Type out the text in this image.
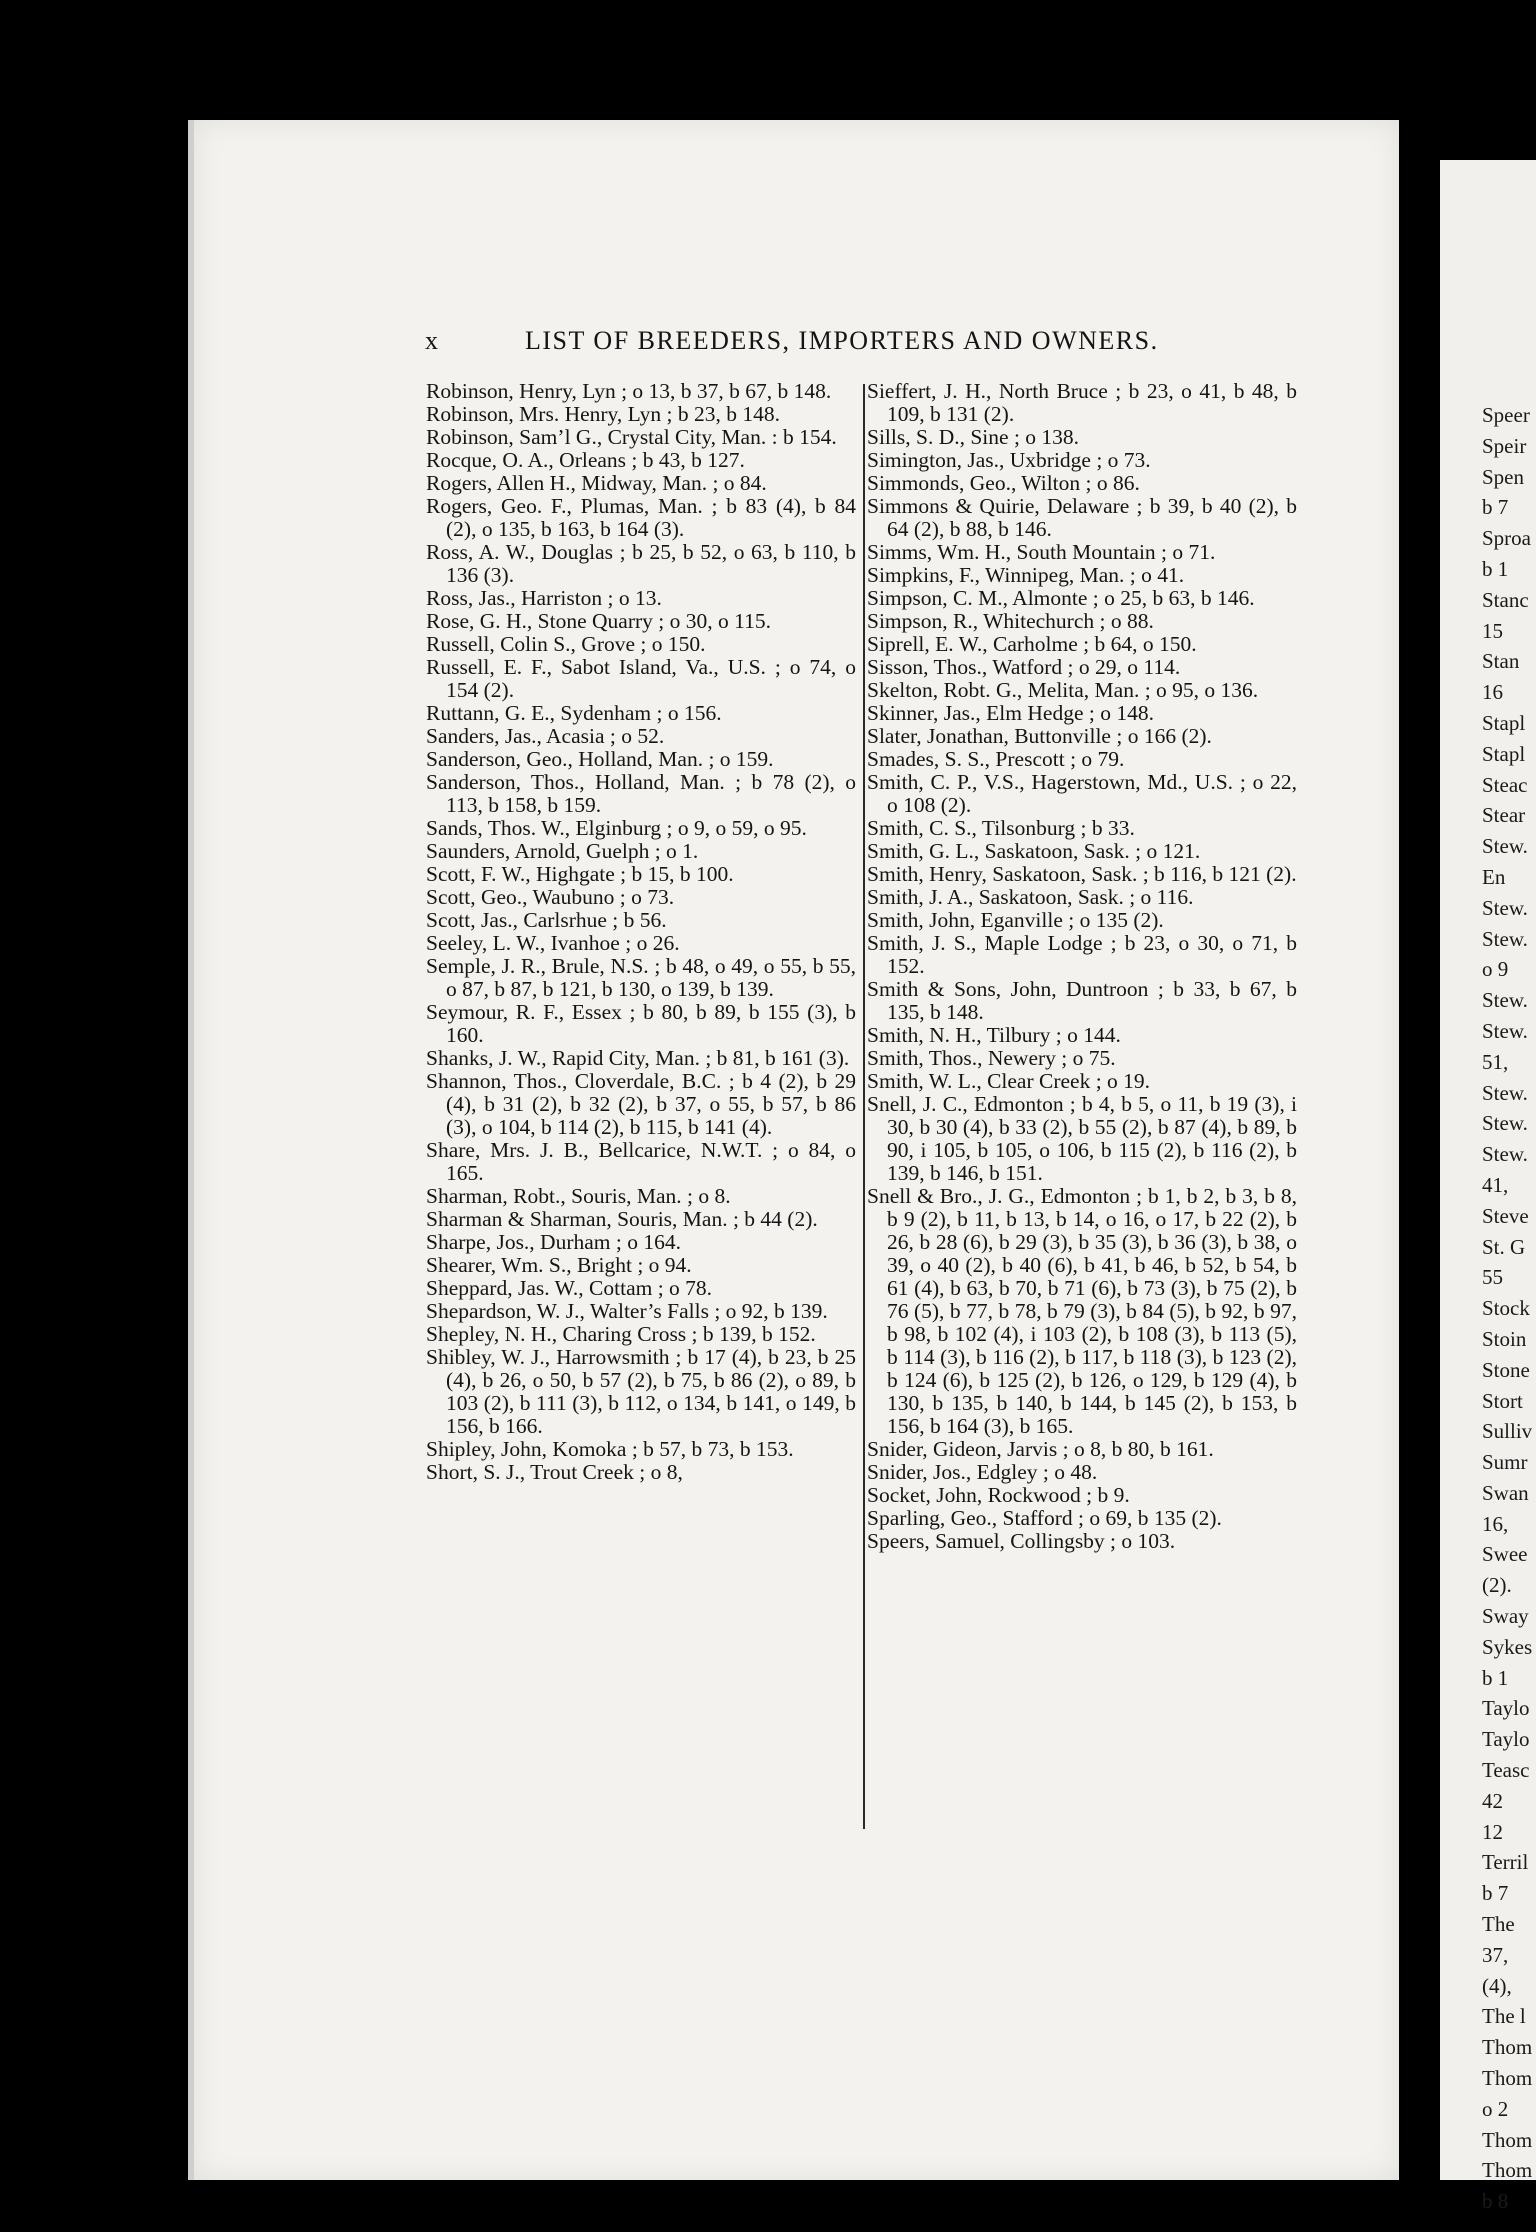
Speer
Speir
Spen
b 7
Sproa
b 1
Stanc
15
Stan
16
Stapl
Stapl
Steac
Stear
Stew.
En
Stew.
Stew.
o 9
Stew.
Stew.
51,
Stew.
Stew.
Stew.
41,
Steve
St. G
55
Stock
Stoin
Stone
Stort
Sulliv
Sumr
Swan
16,
Swee
(2).
Sway
Sykes
b 1
Taylo
Taylo
Teasc
42
12
Terril
b 7
The
37,
(4),
The l
Thom
Thom
o 2
Thom
Thom
b 8
x	LIST OF BREEDERS, IMPORTERS AND OWNERS.

Robinson, Henry, Lyn ; o 13, b 37, b 67, b 148.

Robinson, Mrs. Henry, Lyn ; b 23, b 148.

Robinson, Sam’l G., Crystal City, Man. : b 154.

Rocque, O. A., Orleans ; b 43, b 127.

Rogers, Allen H., Midway, Man. ; o 84.

Rogers, Geo. F., Plumas, Man. ; b 83 (4), b 84 (2), o 135, b 163, b 164 (3).

Ross, A. W., Douglas ; b 25, b 52, o 63, b 110, b 136 (3).

Ross, Jas., Harriston ; o 13.

Rose, G. H., Stone Quarry ; o 30, o 115.

Russell, Colin S., Grove ; o 150.

Russell, E. F., Sabot Island, Va., U.S. ; o 74, o 154 (2).

Ruttann, G. E., Sydenham ; o 156.

Sanders, Jas., Acasia ; o 52.

Sanderson, Geo., Holland, Man. ; o 159.

Sanderson, Thos., Holland, Man. ; b 78 (2), o 113, b 158, b 159.

Sands, Thos. W., Elginburg ; o 9, o 59, o 95.

Saunders, Arnold, Guelph ; o 1.

Scott, F. W., Highgate ; b 15, b 100.

Scott, Geo., Waubuno ; o 73.

Scott, Jas., Carlsrhue ; b 56.

Seeley, L. W., Ivanhoe ; o 26.

Semple, J. R., Brule, N.S. ; b 48, o 49, o 55, b 55, o 87, b 87, b 121, b 130, o 139, b 139.

Seymour, R. F., Essex ; b 80, b 89, b 155 (3), b 160.

Shanks, J. W., Rapid City, Man. ; b 81, b 161 (3).

Shannon, Thos., Cloverdale, B.C. ; b 4 (2), b 29 (4), b 31 (2), b 32 (2), b 37, o 55, b 57, b 86 (3), o 104, b 114 (2), b 115, b 141 (4).

Share, Mrs. J. B., Bellcarice, N.W.T. ; o 84, o 165.

Sharman, Robt., Souris, Man. ; o 8.

Sharman & Sharman, Souris, Man. ; b 44 (2).

Sharpe, Jos., Durham ; o 164.

Shearer, Wm. S., Bright ; o 94.

Sheppard, Jas. W., Cottam ; o 78.

Shepardson, W. J., Walter’s Falls ; o 92, b 139.

Shepley, N. H., Charing Cross ; b 139, b 152.

Shibley, W. J., Harrowsmith ; b 17 (4), b 23, b 25 (4), b 26, o 50, b 57 (2), b 75, b 86 (2), o 89, b 103 (2), b 111 (3), b 112, o 134, b 141, o 149, b 156, b 166.

Shipley, John, Komoka ; b 57, b 73, b 153.

Short, S. J., Trout Creek ; o 8,

Sieffert, J. H., North Bruce ; b 23, o 41, b 48, b 109, b 131 (2).

Sills, S. D., Sine ; o 138.

Simington, Jas., Uxbridge ; o 73.

Simmonds, Geo., Wilton ; o 86.

Simmons & Quirie, Delaware ; b 39, b 40 (2), b 64 (2), b 88, b 146.

Simms, Wm. H., South Mountain ; o 71.

Simpkins, F., Winnipeg, Man. ; o 41.

Simpson, C. M., Almonte ; o 25, b 63, b 146.

Simpson, R., Whitechurch ; o 88.

Siprell, E. W., Carholme ; b 64, o 150.

Sisson, Thos., Watford ; o 29, o 114.

Skelton, Robt. G., Melita, Man. ; o 95, o 136.

Skinner, Jas., Elm Hedge ; o 148.

Slater, Jonathan, Buttonville ; o 166 (2).

Smades, S. S., Prescott ; o 79.

Smith, C. P., V.S., Hagerstown, Md., U.S. ; o 22, o 108 (2).

Smith, C. S., Tilsonburg ; b 33.

Smith, G. L., Saskatoon, Sask. ; o 121.

Smith, Henry, Saskatoon, Sask. ; b 116, b 121 (2).

Smith, J. A., Saskatoon, Sask. ; o 116.

Smith, John, Eganville ; o 135 (2).

Smith, J. S., Maple Lodge ; b 23, o 30, o 71, b 152.

Smith & Sons, John, Duntroon ; b 33, b 67, b 135, b 148.

Smith, N. H., Tilbury ; o 144.

Smith, Thos., Newery ; o 75.

Smith, W. L., Clear Creek ; o 19.

Snell, J. C., Edmonton ; b 4, b 5, o 11, b 19 (3), i 30, b 30 (4), b 33 (2), b 55 (2), b 87 (4), b 89, b 90, i 105, b 105, o 106, b 115 (2), b 116 (2), b 139, b 146, b 151.

Snell & Bro., J. G., Edmonton ; b 1, b 2, b 3, b 8, b 9 (2), b 11, b 13, b 14, o 16, o 17, b 22 (2), b 26, b 28 (6), b 29 (3), b 35 (3), b 36 (3), b 38, o 39, o 40 (2), b 40 (6), b 41, b 46, b 52, b 54, b 61 (4), b 63, b 70, b 71 (6), b 73 (3), b 75 (2), b 76 (5), b 77, b 78, b 79 (3), b 84 (5), b 92, b 97, b 98, b 102 (4), i 103 (2), b 108 (3), b 113 (5), b 114 (3), b 116 (2), b 117, b 118 (3), b 123 (2), b 124 (6), b 125 (2), b 126, o 129, b 129 (4), b 130, b 135, b 140, b 144, b 145 (2), b 153, b 156, b 164 (3), b 165.

Snider, Gideon, Jarvis ; o 8, b 80, b 161.

Snider, Jos., Edgley ; o 48.

Socket, John, Rockwood ; b 9.

Sparling, Geo., Stafford ; o 69, b 135 (2).

Speers, Samuel, Collingsby ; o 103.
